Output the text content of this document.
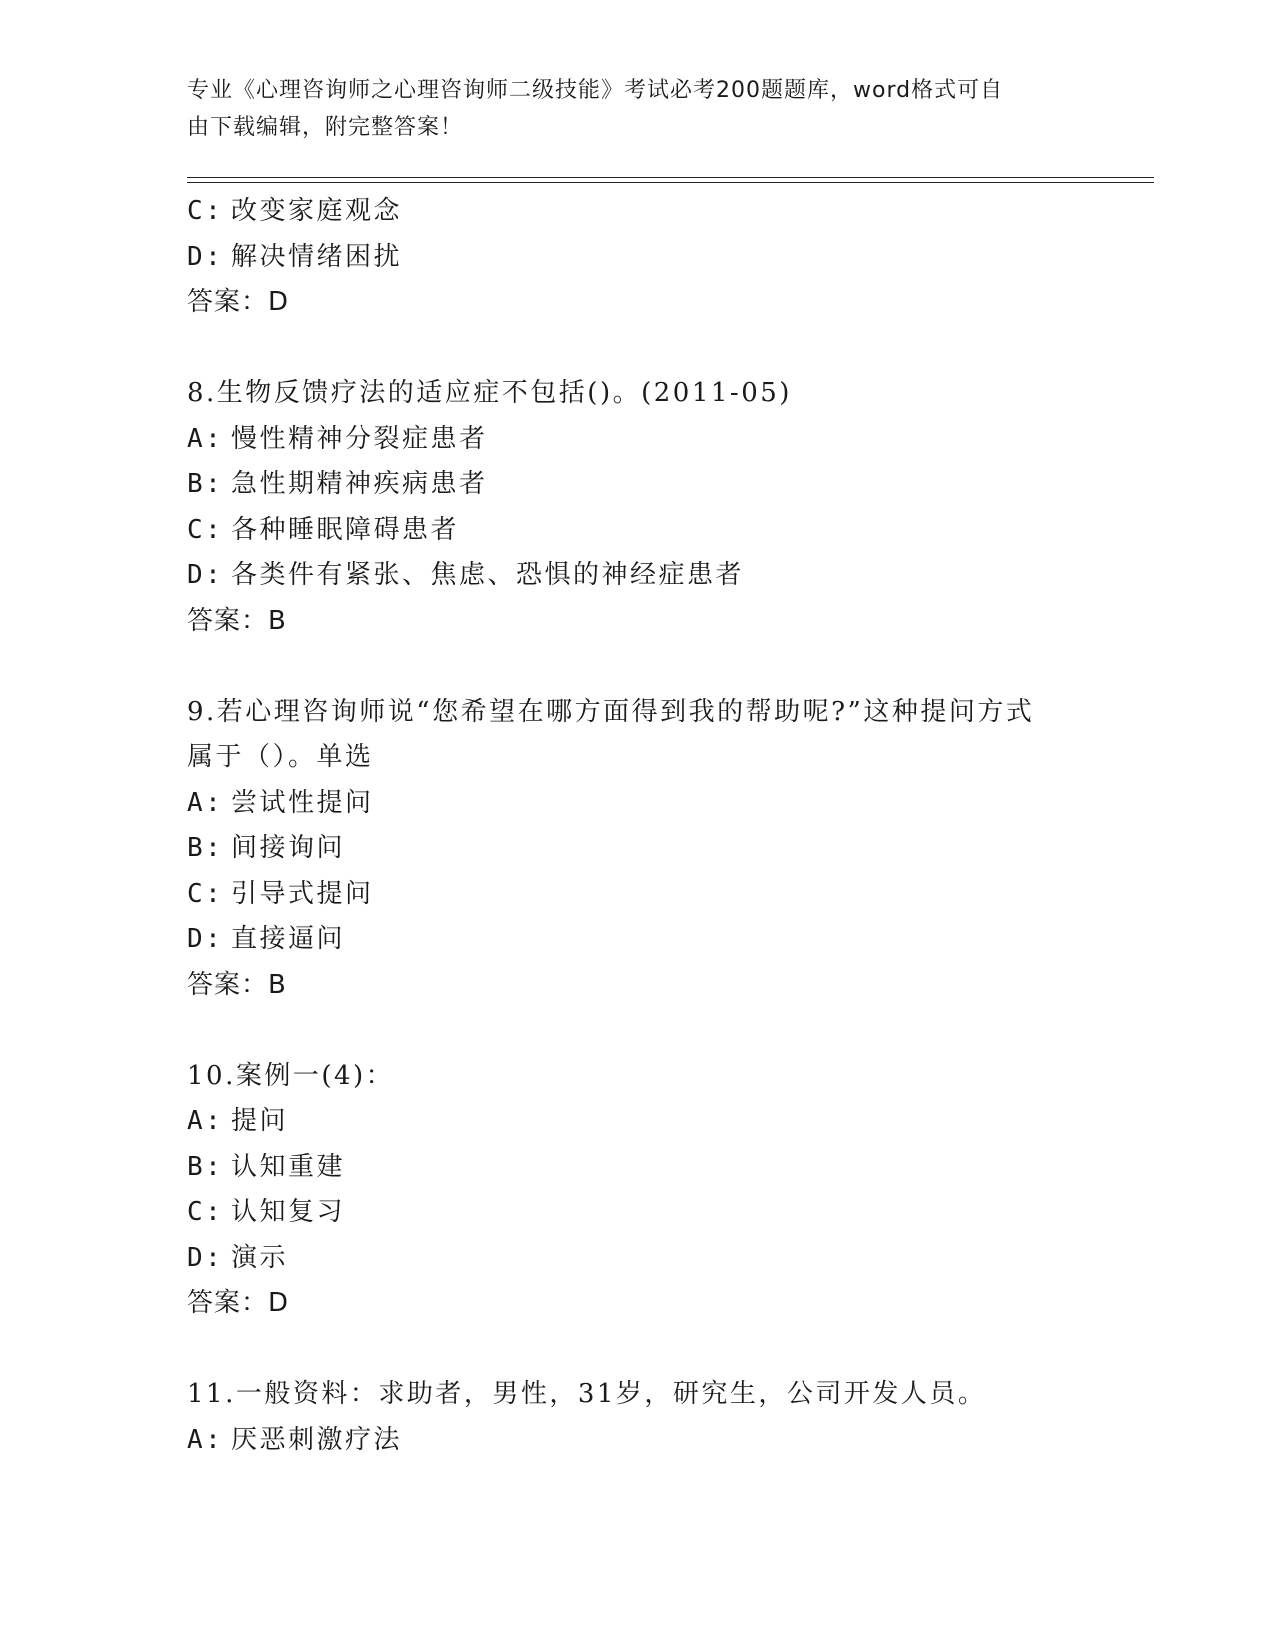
专业《心理咨询师之心理咨询师二级技能》考试必考200题题库，word格式可自
由下载编辑，附完整答案！
C: 改变家庭观念
D: 解决情绪困扰
答案：D
8.生物反馈疗法的适应症不包括()。(2011-05)
A: 慢性精神分裂症患者
B: 急性期精神疾病患者
C: 各种睡眠障碍患者
D: 各类件有紧张、焦虑、恐惧的神经症患者
答案：B
9.若心理咨询师说“您希望在哪方面得到我的帮助呢?”这种提问方式
属于（）。单选
A: 尝试性提问
B: 间接询问
C: 引导式提问
D: 直接逼问
答案：B
10.案例一(4)：
A: 提问
B: 认知重建
C: 认知复习
D: 演示
答案：D
11.一般资料：求助者，男性，31岁，研究生，公司开发人员。
A: 厌恶刺激疗法
